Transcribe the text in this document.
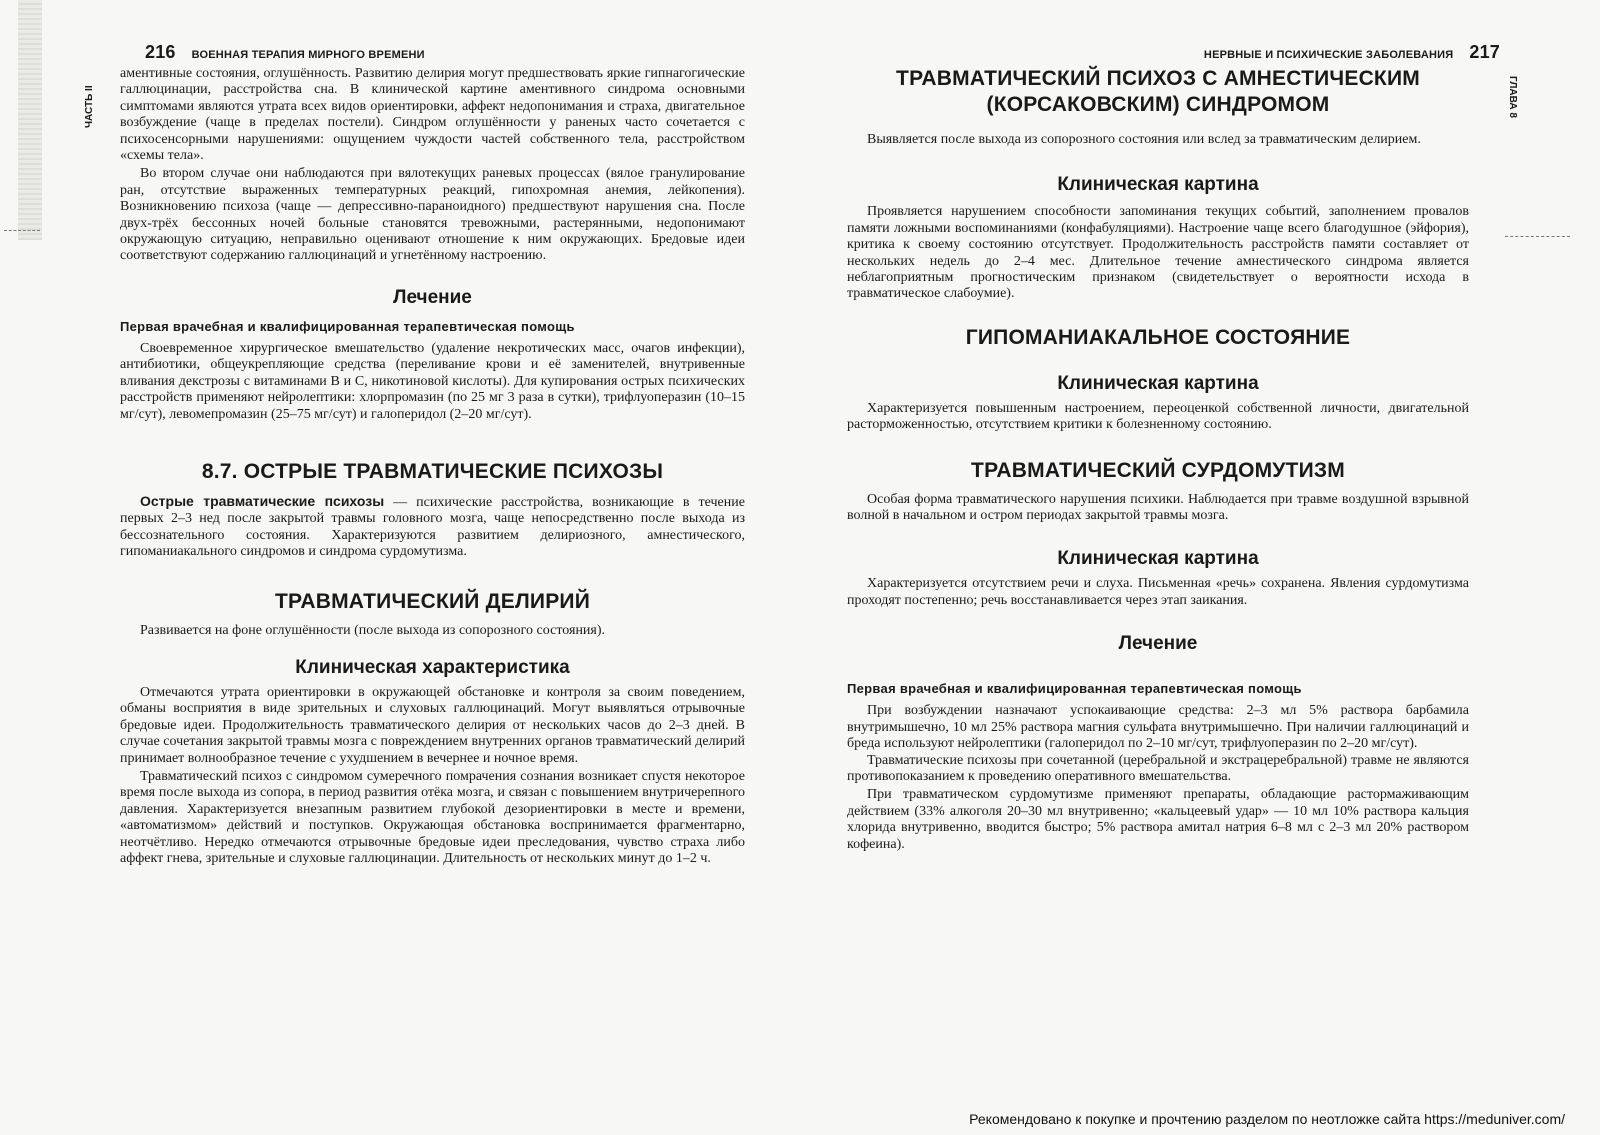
216 ВОЕННАЯ ТЕРАПИЯ МИРНОГО ВРЕМЕНИ
ЧАСТЬ II

аментивные состояния, оглушённость. Развитию делирия могут предшествовать яркие гипнагогические галлюцинации, расстройства сна. В клинической картине аментивного синдрома основными симптомами являются утрата всех видов ориентировки, аффект недопонимания и страха, двигательное возбуждение (чаще в пределах постели). Синдром оглушённости у раненых часто сочетается с психосенсорными нарушениями: ощущением чуждости частей собственного тела, расстройством «схемы тела».

Во втором случае они наблюдаются при вялотекущих раневых процессах (вялое гранулирование ран, отсутствие выраженных температурных реакций, гипохромная анемия, лейкопения). Возникновению психоза (чаще — депрессивно-параноидного) предшествуют нарушения сна. После двух-трёх бессонных ночей больные становятся тревожными, растерянными, недопонимают окружающую ситуацию, неправильно оценивают отношение к ним окружающих. Бредовые идеи соответствуют содержанию галлюцинаций и угнетённому настроению.

Лечение
Первая врачебная и квалифицированная терапевтическая помощь

Своевременное хирургическое вмешательство (удаление некротических масс, очагов инфекции), антибиотики, общеукрепляющие средства (переливание крови и её заменителей, внутривенные вливания декстрозы с витаминами B и C, никотиновой кислоты). Для купирования острых психических расстройств применяют нейролептики: хлорпромазин (по 25 мг 3 раза в сутки), трифлуоперазин (10–15 мг/сут), левомепромазин (25–75 мг/сут) и галоперидол (2–20 мг/сут).

8.7. ОСТРЫЕ ТРАВМАТИЧЕСКИЕ ПСИХОЗЫ

Острые травматические психозы — психические расстройства, возникающие в течение первых 2–3 нед после закрытой травмы головного мозга, чаще непосредственно после выхода из бессознательного состояния. Характеризуются развитием делириозного, амнестического, гипоманиакального синдромов и синдрома сурдомутизма.

ТРАВМАТИЧЕСКИЙ ДЕЛИРИЙ

Развивается на фоне оглушённости (после выхода из сопорозного состояния).

Клиническая характеристика

Отмечаются утрата ориентировки в окружающей обстановке и контроля за своим поведением, обманы восприятия в виде зрительных и слуховых галлюцинаций. Могут выявляться отрывочные бредовые идеи. Продолжительность травматического делирия от нескольких часов до 2–3 дней. В случае сочетания закрытой травмы мозга с повреждением внутренних органов травматический делирий принимает волнообразное течение с ухудшением в вечернее и ночное время.

Травматический психоз с синдромом сумеречного помрачения сознания возникает спустя некоторое время после выхода из сопора, в период развития отёка мозга, и связан с повышением внутричерепного давления. Характеризуется внезапным развитием глубокой дезориентировки в месте и времени, «автоматизмом» действий и поступков. Окружающая обстановка воспринимается фрагментарно, неотчётливо. Нередко отмечаются отрывочные бредовые идеи преследования, чувство страха либо аффект гнева, зрительные и слуховые галлюцинации. Длительность от нескольких минут до 1–2 ч.

НЕРВНЫЕ И ПСИХИЧЕСКИЕ ЗАБОЛЕВАНИЯ 217
ГЛАВА 8
ТРАВМАТИЧЕСКИЙ ПСИХОЗ С АМНЕСТИЧЕСКИМ (КОРСАКОВСКИМ) СИНДРОМОМ

Выявляется после выхода из сопорозного состояния или вслед за травматическим делирием.

Клиническая картина

Проявляется нарушением способности запоминания текущих событий, заполнением провалов памяти ложными воспоминаниями (конфабуляциями). Настроение чаще всего благодушное (эйфория), критика к своему состоянию отсутствует. Продолжительность расстройств памяти составляет от нескольких недель до 2–4 мес. Длительное течение амнестического синдрома является неблагоприятным прогностическим признаком (свидетельствует о вероятности исхода в травматическое слабоумие).

ГИПОМАНИАКАЛЬНОЕ СОСТОЯНИЕ
Клиническая картина

Характеризуется повышенным настроением, переоценкой собственной личности, двигательной расторможенностью, отсутствием критики к болезненному состоянию.

ТРАВМАТИЧЕСКИЙ СУРДОМУТИЗМ

Особая форма травматического нарушения психики. Наблюдается при травме воздушной взрывной волной в начальном и остром периодах закрытой травмы мозга.

Клиническая картина

Характеризуется отсутствием речи и слуха. Письменная «речь» сохранена. Явления сурдомутизма проходят постепенно; речь восстанавливается через этап заикания.

Лечение
Первая врачебная и квалифицированная терапевтическая помощь

При возбуждении назначают успокаивающие средства: 2–3 мл 5% раствора барбамила внутримышечно, 10 мл 25% раствора магния сульфата внутримышечно. При наличии галлюцинаций и бреда используют нейролептики (галоперидол по 2–10 мг/сут, трифлуоперазин по 2–20 мг/сут).

Травматические психозы при сочетанной (церебральной и экстрацеребральной) травме не являются противопоказанием к проведению оперативного вмешательства.

При травматическом сурдомутизме применяют препараты, обладающие растормаживающим действием (33% алкоголя 20–30 мл внутривенно; «кальцеевый удар» — 10 мл 10% раствора кальция хлорида внутривенно, вводится быстро; 5% раствора амитал натрия 6–8 мл с 2–3 мл 20% раствором кофеина).

Рекомендовано к покупке и прочтению разделом по неотложке сайта https://meduniver.com/
